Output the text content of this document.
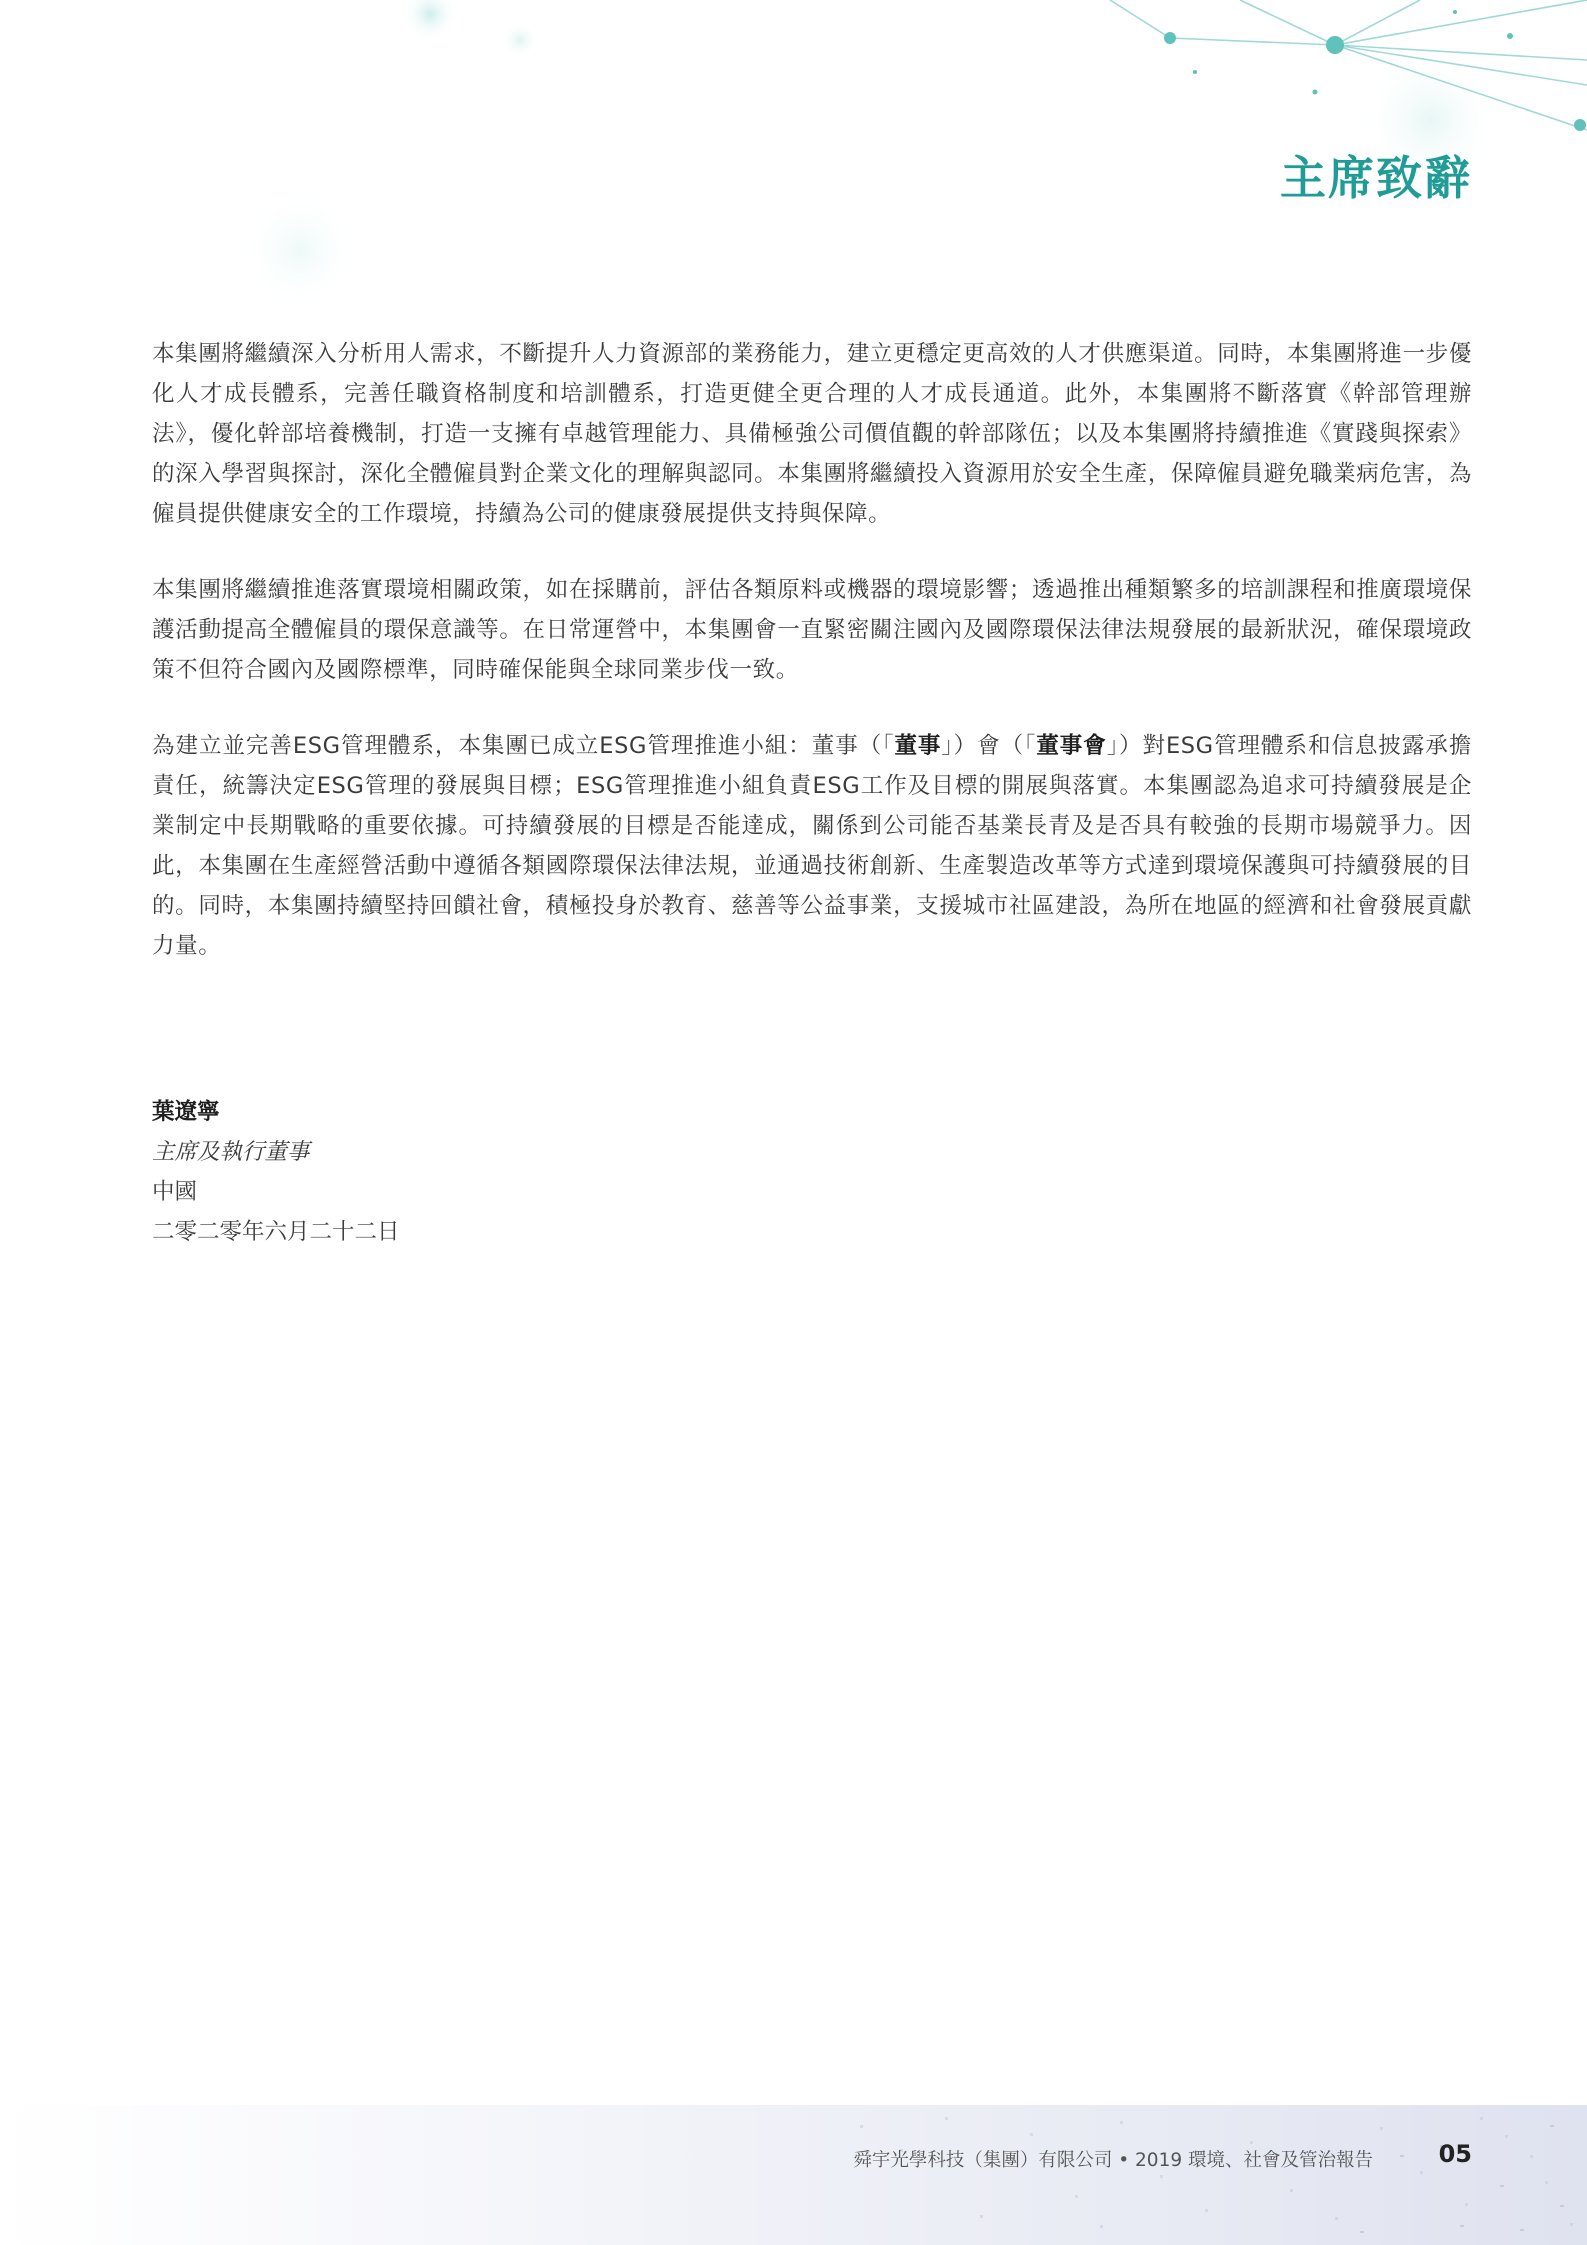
主席致辭

本集團將繼續深入分析用人需求，不斷提升人力資源部的業務能力，建立更穩定更高效的人才供應渠道。同時，本集團將進一步優化人才成長體系，完善任職資格制度和培訓體系，打造更健全更合理的人才成長通道。此外，本集團將不斷落實《幹部管理辦法》，優化幹部培養機制，打造一支擁有卓越管理能力、具備極強公司價值觀的幹部隊伍；以及本集團將持續推進《實踐與探索》的深入學習與探討，深化全體僱員對企業文化的理解與認同。本集團將繼續投入資源用於安全生產，保障僱員避免職業病危害，為僱員提供健康安全的工作環境，持續為公司的健康發展提供支持與保障。

本集團將繼續推進落實環境相關政策，如在採購前，評估各類原料或機器的環境影響；透過推出種類繁多的培訓課程和推廣環境保護活動提高全體僱員的環保意識等。在日常運營中，本集團會一直緊密關注國內及國際環保法律法規發展的最新狀況，確保環境政策不但符合國內及國際標準，同時確保能與全球同業步伐一致。

為建立並完善ESG管理體系，本集團已成立ESG管理推進小組：董事（「董事」）會（「董事會」）對ESG管理體系和信息披露承擔責任，統籌決定ESG管理的發展與目標；ESG管理推進小組負責ESG工作及目標的開展與落實。本集團認為追求可持續發展是企業制定中長期戰略的重要依據。可持續發展的目標是否能達成，關係到公司能否基業長青及是否具有較強的長期市場競爭力。因此，本集團在生產經營活動中遵循各類國際環保法律法規，並通過技術創新、生產製造改革等方式達到環境保護與可持續發展的目的。同時，本集團持續堅持回饋社會，積極投身於教育、慈善等公益事業，支援城市社區建設，為所在地區的經濟和社會發展貢獻力量。

葉遼寧
主席及執行董事
中國
二零二零年六月二十二日
舜宇光學科技（集團）有限公司 • 2019 環境、社會及管治報告	05
